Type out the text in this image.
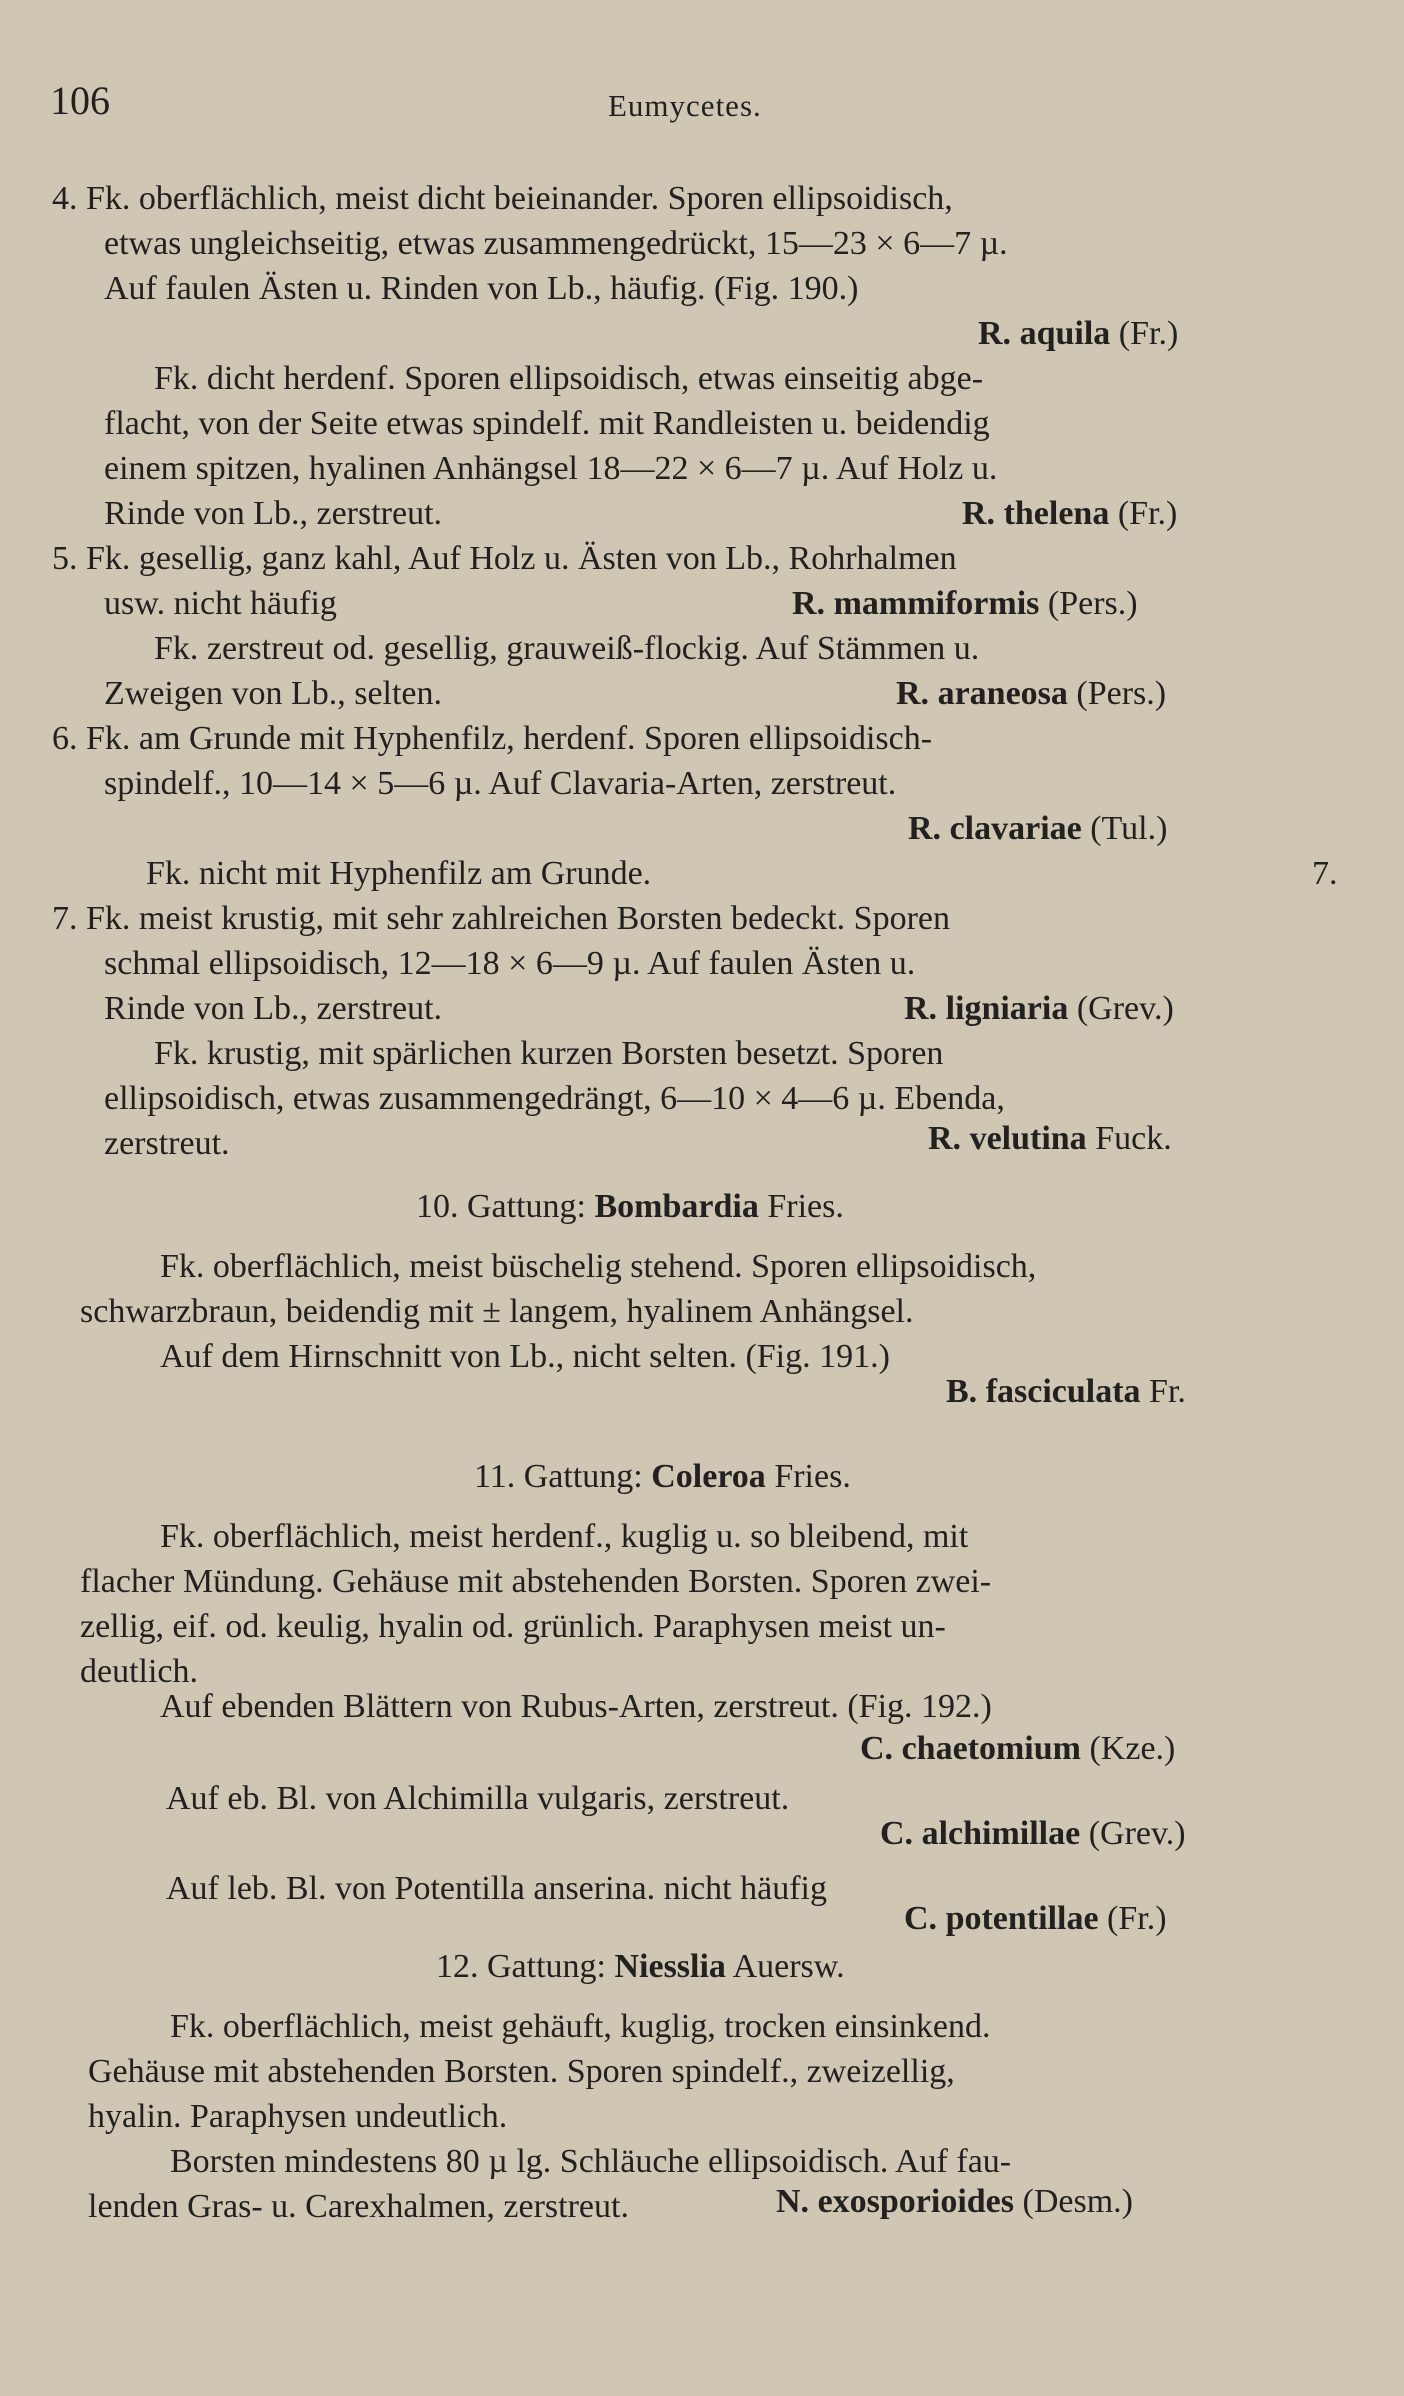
106	Eumycetes.
4. Fk. oberflächlich, meist dicht beieinander. Sporen ellipsoidisch,
etwas ungleichseitig, etwas zusammengedrückt, 15—23 × 6—7 µ.
Auf faulen Ästen u. Rinden von Lb., häufig. (Fig. 190.)
R. aquila (Fr.)
Fk. dicht herdenf. Sporen ellipsoidisch, etwas einseitig abge-
flacht, von der Seite etwas spindelf. mit Randleisten u. beidendig
einem spitzen, hyalinen Anhängsel 18—22 × 6—7 µ. Auf Holz u.
Rinde von Lb., zerstreut.	R. thelena (Fr.)
5. Fk. gesellig, ganz kahl, Auf Holz u. Ästen von Lb., Rohrhalmen
usw. nicht häufig	R. mammiformis (Pers.)
Fk. zerstreut od. gesellig, grauweiß-flockig. Auf Stämmen u.
Zweigen von Lb., selten.	R. araneosa (Pers.)
6. Fk. am Grunde mit Hyphenfilz, herdenf. Sporen ellipsoidisch-
spindelf., 10—14 × 5—6 µ. Auf Clavaria-Arten, zerstreut.
R. clavariae (Tul.)
Fk. nicht mit Hyphenfilz am Grunde.	7.
7. Fk. meist krustig, mit sehr zahlreichen Borsten bedeckt. Sporen
schmal ellipsoidisch, 12—18 × 6—9 µ. Auf faulen Ästen u.
Rinde von Lb., zerstreut.	R. ligniaria (Grev.)
Fk. krustig, mit spärlichen kurzen Borsten besetzt. Sporen
ellipsoidisch, etwas zusammengedrängt, 6—10 × 4—6 µ. Ebenda,
zerstreut.	R. velutina Fuck.
10. Gattung: Bombardia Fries.
Fk. oberflächlich, meist büschelig stehend. Sporen ellipsoidisch,
schwarzbraun, beidendig mit ± langem, hyalinem Anhängsel.
Auf dem Hirnschnitt von Lb., nicht selten. (Fig. 191.)
B. fasciculata Fr.
11. Gattung: Coleroa Fries.
Fk. oberflächlich, meist herdenf., kuglig u. so bleibend, mit
flacher Mündung. Gehäuse mit abstehenden Borsten. Sporen zwei-
zellig, eif. od. keulig, hyalin od. grünlich. Paraphysen meist un-
deutlich.
Auf ebenden Blättern von Rubus-Arten, zerstreut. (Fig. 192.)
C. chaetomium (Kze.)
Auf eb. Bl. von Alchimilla vulgaris, zerstreut.
C. alchimillae (Grev.)
Auf leb. Bl. von Potentilla anserina. nicht häufig
C. potentillae (Fr.)
12. Gattung: Niesslia Auersw.
Fk. oberflächlich, meist gehäuft, kuglig, trocken einsinkend.
Gehäuse mit abstehenden Borsten. Sporen spindelf., zweizellig,
hyalin. Paraphysen undeutlich.
Borsten mindestens 80 µ lg. Schläuche ellipsoidisch. Auf fau-
lenden Gras- u. Carexhalmen, zerstreut.	N. exosporioides (Desm.)
